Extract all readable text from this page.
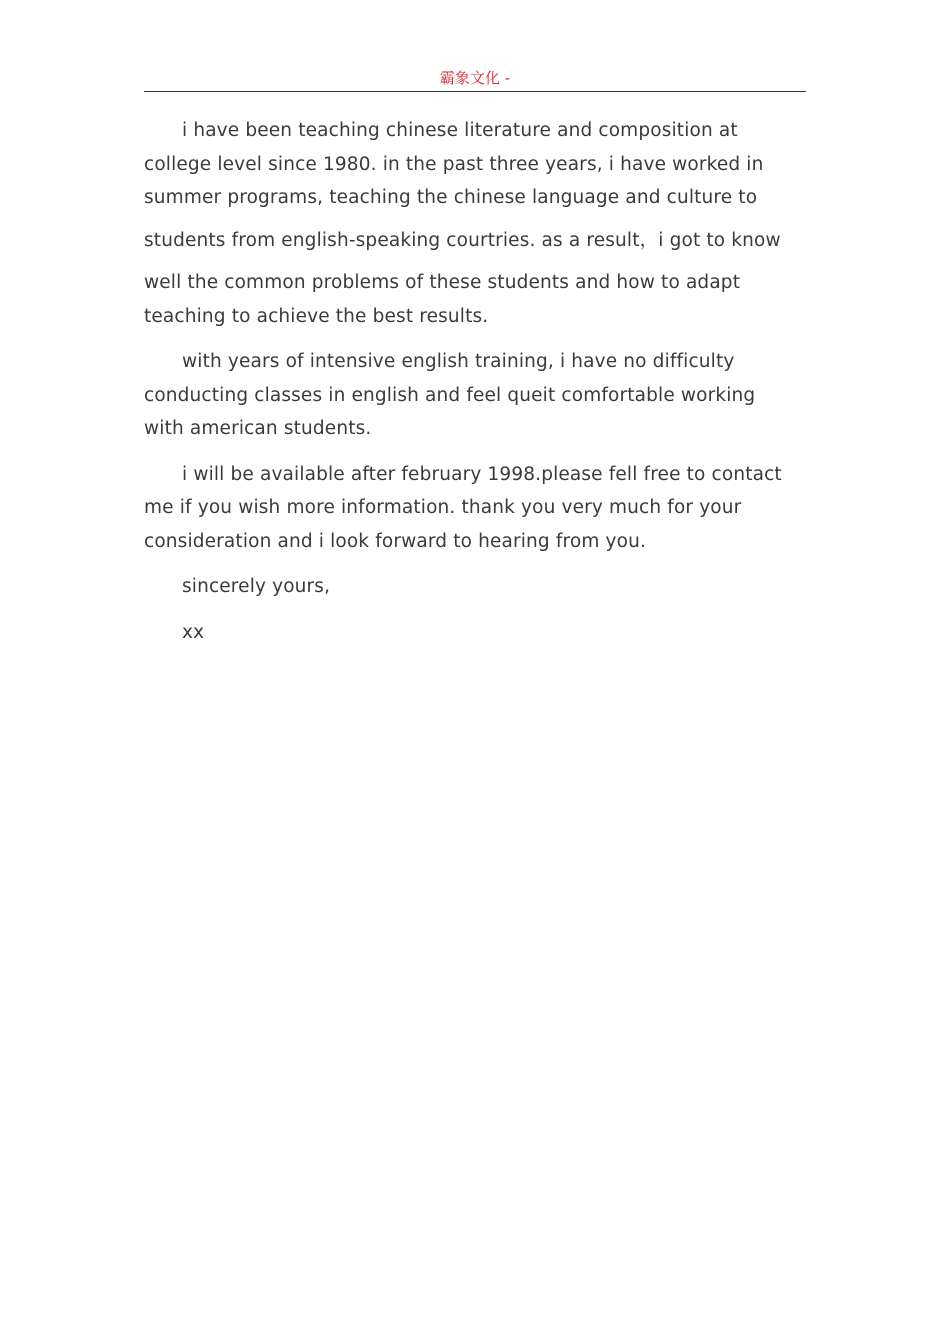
霸象文化 -

i have been teaching chinese literature and composition at
college level since 1980. in the past three years, i have worked in
summer programs, teaching the chinese language and culture to
students from english-speaking courtries. as a result，i got to know
well the common problems of these students and how to adapt
teaching to achieve the best results.

with years of intensive english training, i have no difficulty
conducting classes in english and feel queit comfortable working
with american students.

i will be available after february 1998.please fell free to contact
me if you wish more information. thank you very much for your
consideration and i look forward to hearing from you.

sincerely yours,

xx
